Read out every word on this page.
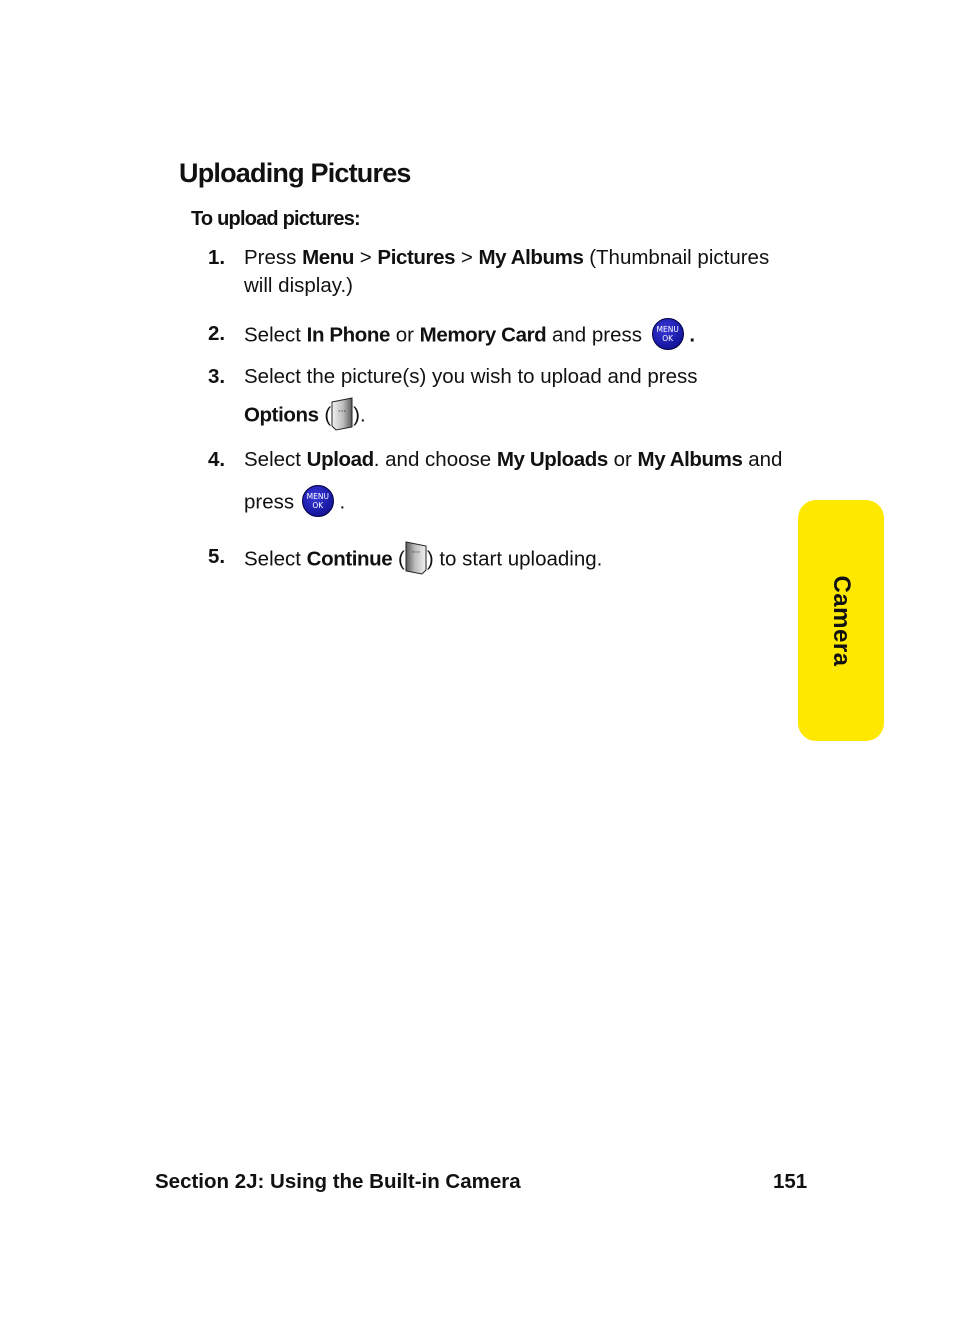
Uploading Pictures
To upload pictures:
1. Press Menu > Pictures > My Albums (Thumbnail pictures
will display.)
2. Select In Phone or Memory Card and press	MENU
OK .
3. Select the picture(s) you wish to upload and press
Options ( ··· ).
4. Select Upload. and choose My Uploads or My Albums and
press MENU
OK .
5. Select Continue ( ··· ) to start uploading.
Camera
Section 2J: Using the Built-in Camera	151
